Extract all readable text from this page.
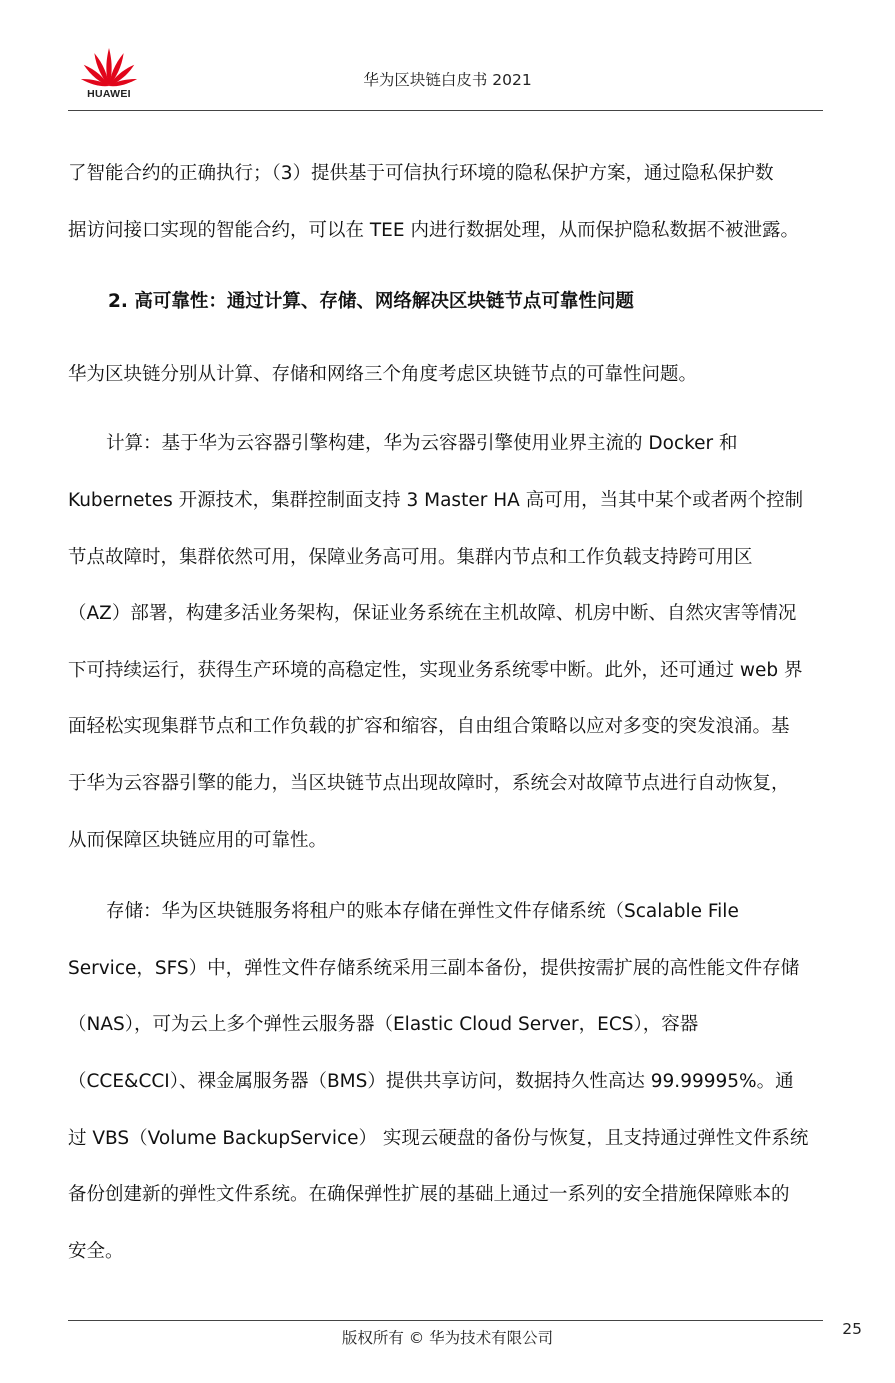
HUAWEI
华为区块链白皮书 2021
了智能合约的正确执行；（3）提供基于可信执行环境的隐私保护方案，通过隐私保护数
据访问接口实现的智能合约，可以在 TEE 内进行数据处理，从而保护隐私数据不被泄露。
2. 高可靠性：通过计算、存储、网络解决区块链节点可靠性问题
华为区块链分别从计算、存储和网络三个角度考虑区块链节点的可靠性问题。
计算：基于华为云容器引擎构建，华为云容器引擎使用业界主流的 Docker 和
Kubernetes 开源技术，集群控制面支持 3 Master HA 高可用，当其中某个或者两个控制
节点故障时，集群依然可用，保障业务高可用。集群内节点和工作负载支持跨可用区
（AZ）部署，构建多活业务架构，保证业务系统在主机故障、机房中断、自然灾害等情况
下可持续运行，获得生产环境的高稳定性，实现业务系统零中断。此外，还可通过 web 界
面轻松实现集群节点和工作负载的扩容和缩容，自由组合策略以应对多变的突发浪涌。基
于华为云容器引擎的能力，当区块链节点出现故障时，系统会对故障节点进行自动恢复，
从而保障区块链应用的可靠性。
存储：华为区块链服务将租户的账本存储在弹性文件存储系统（Scalable File
Service，SFS）中，弹性文件存储系统采用三副本备份，提供按需扩展的高性能文件存储
（NAS），可为云上多个弹性云服务器（Elastic Cloud Server，ECS），容器
（CCE&CCI）、裸金属服务器（BMS）提供共享访问，数据持久性高达 99.99995%。通
过 VBS（Volume BackupService） 实现云硬盘的备份与恢复，且支持通过弹性文件系统
备份创建新的弹性文件系统。在确保弹性扩展的基础上通过一系列的安全措施保障账本的
安全。
版权所有 © 华为技术有限公司	25
